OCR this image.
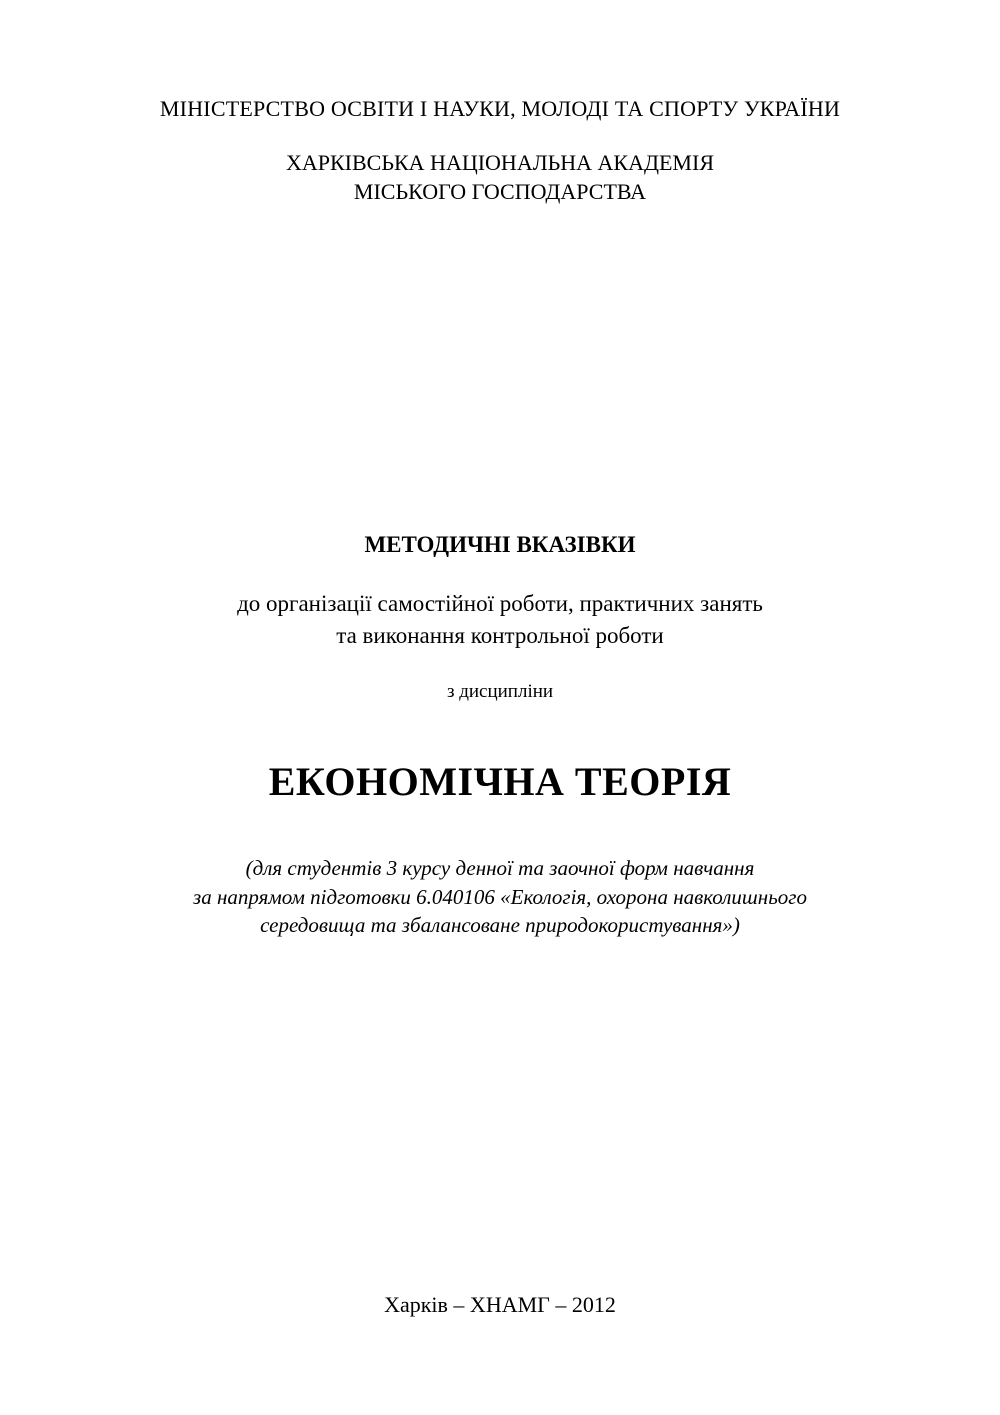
МІНІСТЕРСТВО ОСВІТИ І НАУКИ, МОЛОДІ ТА СПОРТУ УКРАЇНИ
ХАРКІВСЬКА НАЦІОНАЛЬНА АКАДЕМІЯ
МІСЬКОГО ГОСПОДАРСТВА
МЕТОДИЧНІ ВКАЗІВКИ
до організації самостійної роботи, практичних занять
та виконання контрольної роботи
з дисципліни
ЕКОНОМІЧНА ТЕОРІЯ
(для студентів 3 курсу денної та заочної форм навчання
за напрямом підготовки 6.040106 «Екологія, охорона навколишнього
середовища та збалансоване природокористування»)
Харків – ХНАМГ – 2012
